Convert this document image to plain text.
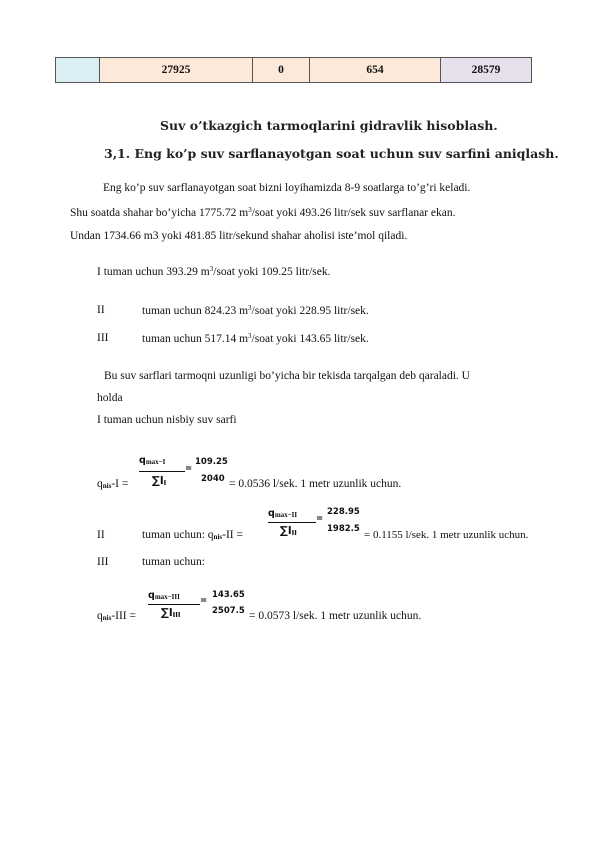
	27925	0	654	28579
Suv o’tkazgich tarmoqlarini gidravlik hisoblash.
3,1. Eng ko’p suv sarflanayotgan soat uchun suv sarfini aniqlash.
Eng ko’p suv sarflanayotgan soat bizni loyihamizda 8-9 soatlarga to’g’ri keladi.
Shu soatda shahar bo’yicha 1775.72 $m^3$/soat yoki 493.26 litr/sek suv sarflanar ekan.
Undan 1734.66 m3 yoki 481.85 litr/sekund shahar aholisi iste’mol qiladi.
I tuman uchun 393.29 $m^3$/soat yoki 109.25 litr/sek.
II	tuman uchun 824.23 $m^3$/soat yoki 228.95 litr/sek.
III	tuman uchun 517.14 $m^3$/soat yoki 143.65 litr/sek.
Bu suv sarflari tarmoqni uzunligi bo’yicha bir tekisda tarqalgan deb qaraladi. U
holda
I tuman uchun nisbiy suv sarfi
$q_{max-I}$
$\sum l_I$
=
109.25
2040
$q_{nis}-I$ =	= 0.0536 l/sek. 1 metr uzunlik uchun.
$q_{max-II}$
$\sum l_{II}$
=
228.95
1982.5
II	tuman uchun: $q_{nis}-II$ =	= 0.1155 l/sek. 1 metr uzunlik uchun.
III	tuman uchun:
$q_{max-III}$
$\sum l_{III}$
=
143.65
2507.5
$q_{nis}$-III =	= 0.0573 l/sek. 1 metr uzunlik uchun.
